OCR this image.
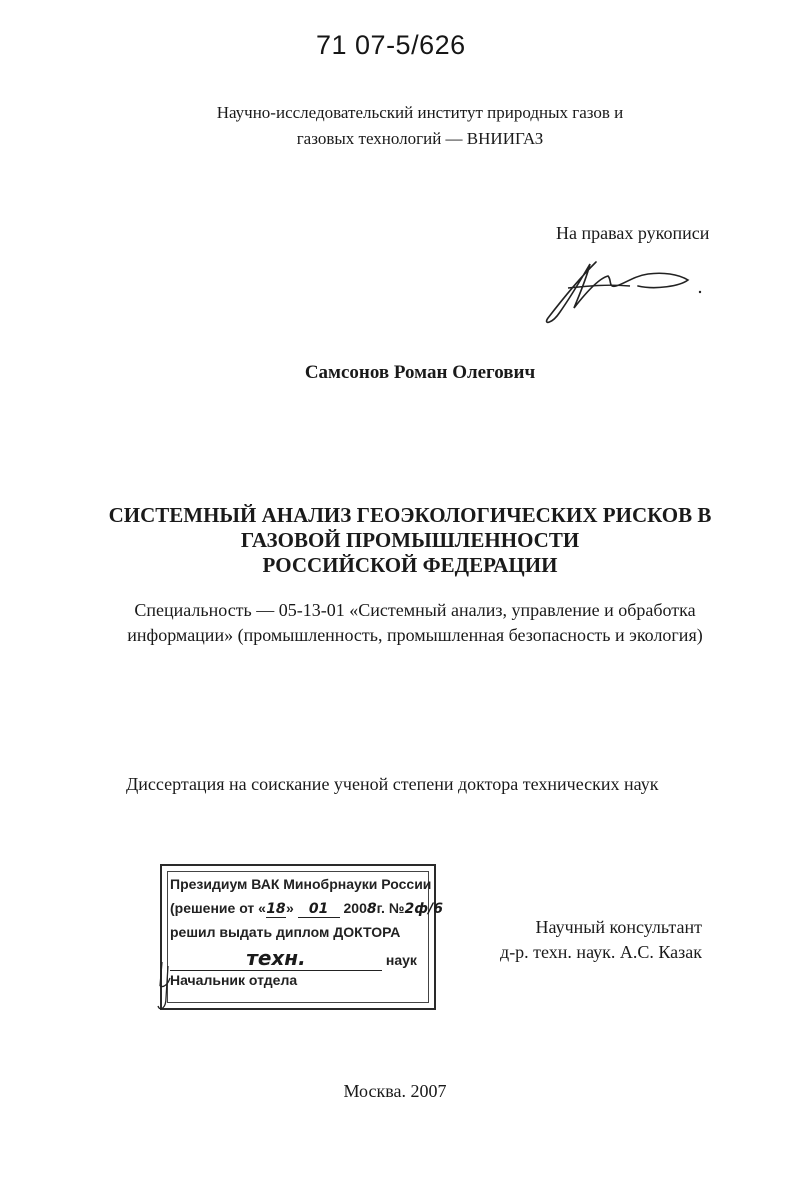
71 07-5/626
Научно-исследовательский институт природных газов и
газовых технологий — ВНИИГАЗ
На правах рукописи
Самсонов Роман Олегович
СИСТЕМНЫЙ АНАЛИЗ ГЕОЭКОЛОГИЧЕСКИХ РИСКОВ В
ГАЗОВОЙ ПРОМЫШЛЕННОСТИ
РОССИЙСКОЙ ФЕДЕРАЦИИ
Специальность — 05-13-01 «Системный анализ, управление и обработка
информации» (промышленность, промышленная безопасность и экология)
Диссертация на соискание ученой степени доктора технических наук
Президиум ВАК Минобрнауки России
(решение от «18» 01 2008г. №2ф/6
решил выдать диплом ДОКТОРА
техн.	наук
Начальник отдела
Научный консультант
д-р. техн. наук. А.С. Казак
Москва. 2007
